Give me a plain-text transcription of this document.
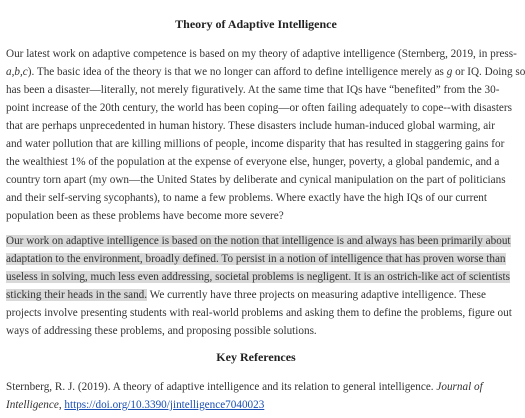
Theory of Adaptive Intelligence
Our latest work on adaptive competence is based on my theory of adaptive intelligence (Sternberg, 2019, in press-
a,b,c). The basic idea of the theory is that we no longer can afford to define intelligence merely as g or IQ. Doing so
has been a disaster—literally, not merely figuratively. At the same time that IQs have “benefited” from the 30-
point increase of the 20th century, the world has been coping—or often failing adequately to cope--with disasters
that are perhaps unprecedented in human history. These disasters include human-induced global warming, air
and water pollution that are killing millions of people, income disparity that has resulted in staggering gains for
the wealthiest 1% of the population at the expense of everyone else, hunger, poverty, a global pandemic, and a
country torn apart (my own—the United States by deliberate and cynical manipulation on the part of politicians
and their self-serving sycophants), to name a few problems. Where exactly have the high IQs of our current
population been as these problems have become more severe?
Our work on adaptive intelligence is based on the notion that intelligence is and always has been primarily about
adaptation to the environment, broadly defined. To persist in a notion of intelligence that has proven worse than
useless in solving, much less even addressing, societal problems is negligent. It is an ostrich-like act of scientists
sticking their heads in the sand. We currently have three projects on measuring adaptive intelligence. These
projects involve presenting students with real-world problems and asking them to define the problems, figure out
ways of addressing these problems, and proposing possible solutions.
Key References
Sternberg, R. J. (2019). A theory of adaptive intelligence and its relation to general intelligence. Journal of
Intelligence, https://doi.org/10.3390/jintelligence7040023
